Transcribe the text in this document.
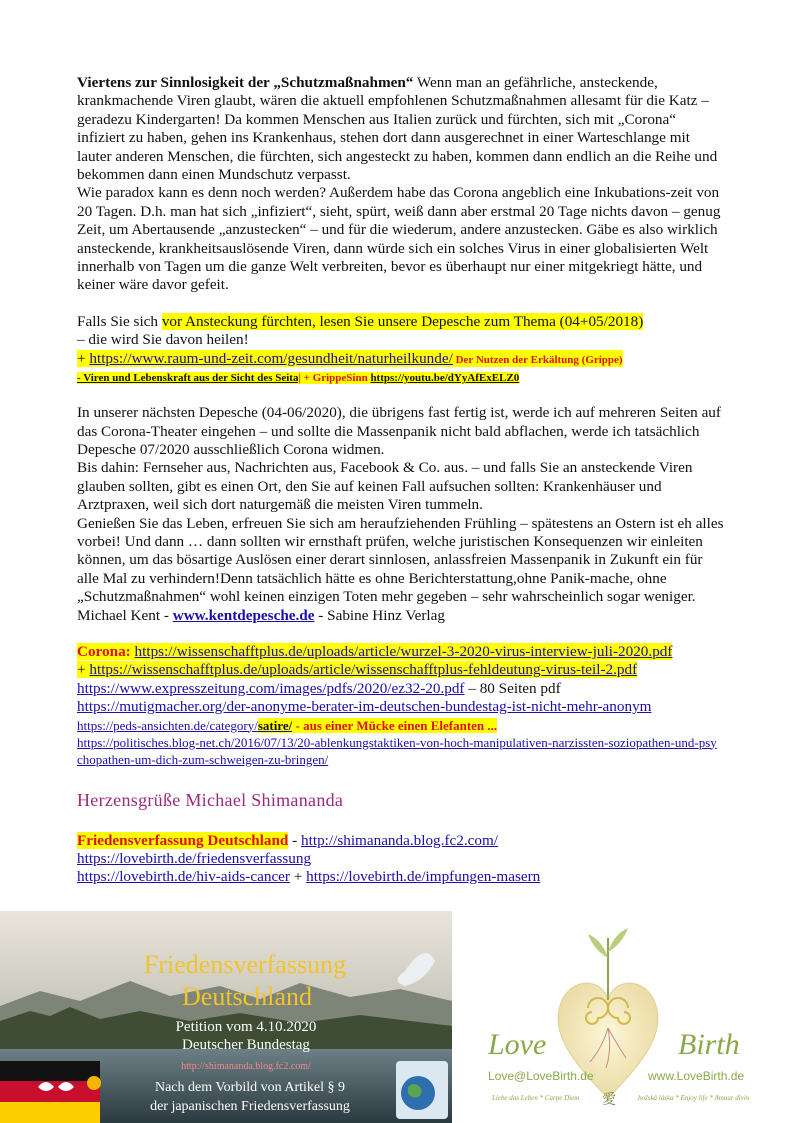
Viertens zur Sinnlosigkeit der „Schutzmaßnahmen“ Wenn man an gefährliche, ansteckende, krankmachende Viren glaubt, wären die aktuell empfohlenen Schutzmaßnahmen allesamt für die Katz – geradezu Kindergarten! Da kommen Menschen aus Italien zurück und fürchten, sich mit „Corona“ infiziert zu haben, gehen ins Krankenhaus, stehen dort dann ausgerechnet in einer Warteschlange mit lauter anderen Menschen, die fürchten, sich angesteckt zu haben, kommen dann endlich an die Reihe und bekommen dann einen Mundschutz verpasst.

Wie paradox kann es denn noch werden? Außerdem habe das Corona angeblich eine Inkubations-zeit von 20 Tagen. D.h. man hat sich „infiziert“, sieht, spürt, weiß dann aber erstmal 20 Tage nichts davon – genug Zeit, um Abertausende „anzustecken“ – und für die wiederum, andere anzustecken. Gäbe es also wirklich ansteckende, krankheitsauslösende Viren, dann würde sich ein solches Virus in einer globalisierten Welt innerhalb von Tagen um die ganze Welt verbreiten, bevor es überhaupt nur einer mitgekriegt hätte, und keiner wäre davor gefeit.

Falls Sie sich vor Ansteckung fürchten, lesen Sie unsere Depesche zum Thema (04+05/2018)

– die wird Sie davon heilen!

+ https://www.raum-und-zeit.com/gesundheit/naturheilkunde/ Der Nutzen der Erkältung (Grippe)

- Viren und Lebenskraft aus der Sicht des Seita| + GrippeSinn https://youtu.be/dYyAfExELZ0

In unserer nächsten Depesche (04-06/2020), die übrigens fast fertig ist, werde ich auf mehreren Seiten auf das Corona-Theater eingehen – und sollte die Massenpanik nicht bald abflachen, werde ich tatsächlich Depesche 07/2020 ausschließlich Corona widmen.

Bis dahin: Fernseher aus, Nachrichten aus, Facebook & Co. aus. – und falls Sie an ansteckende Viren glauben sollten, gibt es einen Ort, den Sie auf keinen Fall aufsuchen sollten: Krankenhäuser und Arztpraxen, weil sich dort naturgemäß die meisten Viren tummeln.

Genießen Sie das Leben, erfreuen Sie sich am heraufziehenden Frühling – spätestens an Ostern ist eh alles vorbei! Und dann … dann sollten wir ernsthaft prüfen, welche juristischen Konsequenzen wir einleiten können, um das bösartige Auslösen einer derart sinnlosen, anlassfreien Massenpanik in Zukunft ein für alle Mal zu verhindern!Denn tatsächlich hätte es ohne Berichterstattung,ohne Panik-mache, ohne „Schutzmaßnahmen“ wohl keinen einzigen Toten mehr gegeben – sehr wahrscheinlich sogar weniger. Michael Kent - www.kentdepesche.de - Sabine Hinz Verlag

Corona: https://wissenschafftplus.de/uploads/article/wurzel-3-2020-virus-interview-juli-2020.pdf

+ https://wissenschafftplus.de/uploads/article/wissenschafftplus-fehldeutung-virus-teil-2.pdf

https://www.expresszeitung.com/images/pdfs/2020/ez32-20.pdf – 80 Seiten pdf

https://mutigmacher.org/der-anonyme-berater-im-deutschen-bundestag-ist-nicht-mehr-anonym

https://peds-ansichten.de/category/satire/ - aus einer Mücke einen Elefanten ...

https://politisches.blog-net.ch/2016/07/13/20-ablenkungstaktiken-von-hoch-manipulativen-narzissten-soziopathen-und-psychopathen-um-dich-zum-schweigen-zu-bringen/

Herzensgrüße Michael Shimananda

Friedensverfassung Deutschland - http://shimananda.blog.fc2.com/

https://lovebirth.de/friedensverfassung

https://lovebirth.de/hiv-aids-cancer + https://lovebirth.de/impfungen-masern

Friedensverfassung
Deutschland
Petition vom 4.10.2020
Deutscher Bundestag
http://shimananda.blog.fc2.com/
Nach dem Vorbild von Artikel § 9
der japanischen Friedensverfassung
Love	Birth
Love@LoveBirth.de	www.LoveBirth.de
Liebe das Leben * Carpe Diem 愛	božská láska * Enjoy life * Amour divin
